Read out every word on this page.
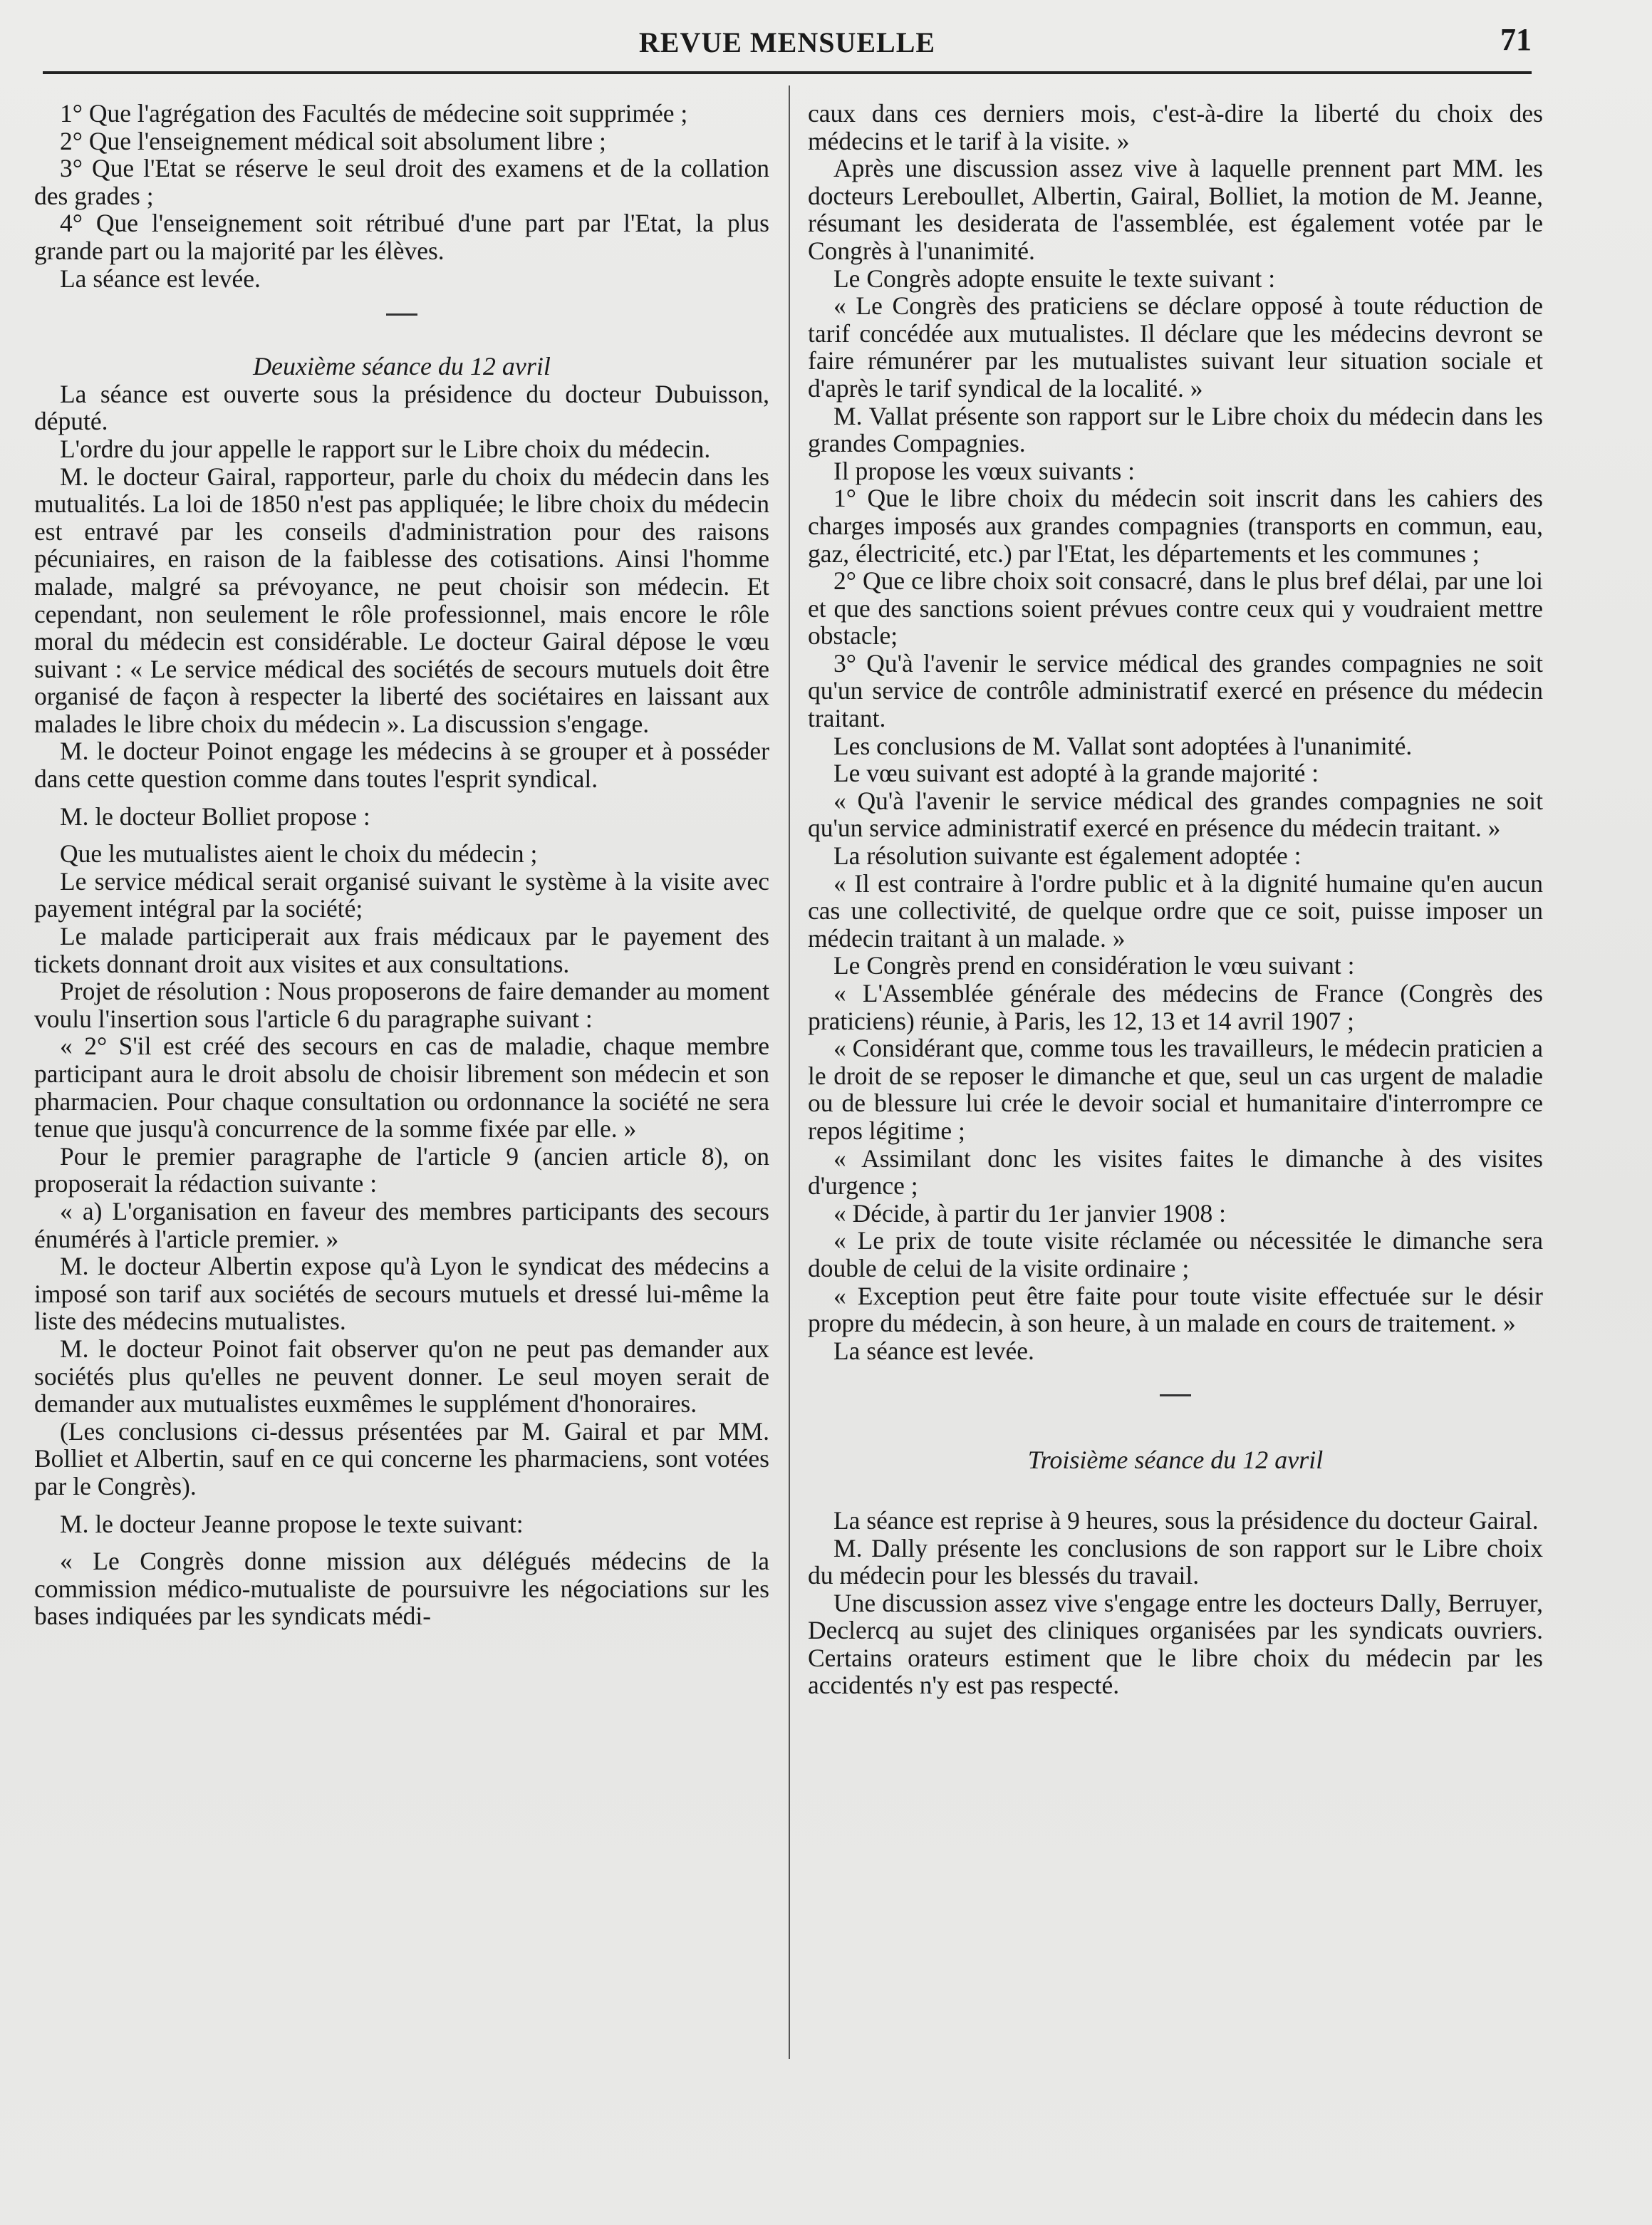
REVUE MENSUELLE	71

1° Que l'agrégation des Facultés de médecine soit supprimée ;

2° Que l'enseignement médical soit absolument libre ;

3° Que l'Etat se réserve le seul droit des examens et de la collation des grades ;

4° Que l'enseignement soit rétribué d'une part par l'Etat, la plus grande part ou la majorité par les élèves.

La séance est levée.

Deuxième séance du 12 avril

La séance est ouverte sous la présidence du docteur Dubuisson, député.

L'ordre du jour appelle le rapport sur le Libre choix du médecin.

M. le docteur Gairal, rapporteur, parle du choix du médecin dans les mutualités. La loi de 1850 n'est pas appliquée; le libre choix du médecin est entravé par les conseils d'administration pour des raisons pécuniaires, en raison de la faiblesse des cotisations. Ainsi l'homme malade, malgré sa prévoyance, ne peut choisir son médecin. Et cependant, non seulement le rôle professionnel, mais encore le rôle moral du médecin est considérable. Le docteur Gairal dépose le vœu suivant : « Le service médical des sociétés de secours mutuels doit être organisé de façon à respecter la liberté des sociétaires en laissant aux malades le libre choix du médecin ». La discussion s'engage.

M. le docteur Poinot engage les médecins à se grouper et à posséder dans cette question comme dans toutes l'esprit syndical.

M. le docteur Bolliet propose :

Que les mutualistes aient le choix du médecin ;

Le service médical serait organisé suivant le système à la visite avec payement intégral par la société;

Le malade participerait aux frais médicaux par le payement des tickets donnant droit aux visites et aux consultations.

Projet de résolution : Nous proposerons de faire demander au moment voulu l'insertion sous l'article 6 du paragraphe suivant :

« 2° S'il est créé des secours en cas de maladie, chaque membre participant aura le droit absolu de choisir librement son médecin et son pharmacien. Pour chaque consultation ou ordonnance la société ne sera tenue que jusqu'à concurrence de la somme fixée par elle. »

Pour le premier paragraphe de l'article 9 (ancien article 8), on proposerait la rédaction suivante :

« a) L'organisation en faveur des membres participants des secours énumérés à l'article premier. »

M. le docteur Albertin expose qu'à Lyon le syndicat des médecins a imposé son tarif aux sociétés de secours mutuels et dressé lui-même la liste des médecins mutualistes.

M. le docteur Poinot fait observer qu'on ne peut pas demander aux sociétés plus qu'elles ne peuvent donner. Le seul moyen serait de demander aux mutualistes euxmêmes le supplément d'honoraires.

(Les conclusions ci-dessus présentées par M. Gairal et par MM. Bolliet et Albertin, sauf en ce qui concerne les pharmaciens, sont votées par le Congrès).

M. le docteur Jeanne propose le texte suivant:

« Le Congrès donne mission aux délégués médecins de la commission médico-mutualiste de poursuivre les négociations sur les bases indiquées par les syndicats médi-

caux dans ces derniers mois, c'est-à-dire la liberté du choix des médecins et le tarif à la visite. »

Après une discussion assez vive à laquelle prennent part MM. les docteurs Lereboullet, Albertin, Gairal, Bolliet, la motion de M. Jeanne, résumant les desiderata de l'assemblée, est également votée par le Congrès à l'unanimité.

Le Congrès adopte ensuite le texte suivant :

« Le Congrès des praticiens se déclare opposé à toute réduction de tarif concédée aux mutualistes. Il déclare que les médecins devront se faire rémunérer par les mutualistes suivant leur situation sociale et d'après le tarif syndical de la localité. »

M. Vallat présente son rapport sur le Libre choix du médecin dans les grandes Compagnies.

Il propose les vœux suivants :

1° Que le libre choix du médecin soit inscrit dans les cahiers des charges imposés aux grandes compagnies (transports en commun, eau, gaz, électricité, etc.) par l'Etat, les départements et les communes ;

2° Que ce libre choix soit consacré, dans le plus bref délai, par une loi et que des sanctions soient prévues contre ceux qui y voudraient mettre obstacle;

3° Qu'à l'avenir le service médical des grandes compagnies ne soit qu'un service de contrôle administratif exercé en présence du médecin traitant.

Les conclusions de M. Vallat sont adoptées à l'unanimité.

Le vœu suivant est adopté à la grande majorité :

« Qu'à l'avenir le service médical des grandes compagnies ne soit qu'un service administratif exercé en présence du médecin traitant. »

La résolution suivante est également adoptée :

« Il est contraire à l'ordre public et à la dignité humaine qu'en aucun cas une collectivité, de quelque ordre que ce soit, puisse imposer un médecin traitant à un malade. »

Le Congrès prend en considération le vœu suivant :

« L'Assemblée générale des médecins de France (Congrès des praticiens) réunie, à Paris, les 12, 13 et 14 avril 1907 ;

« Considérant que, comme tous les travailleurs, le médecin praticien a le droit de se reposer le dimanche et que, seul un cas urgent de maladie ou de blessure lui crée le devoir social et humanitaire d'interrompre ce repos légitime ;

« Assimilant donc les visites faites le dimanche à des visites d'urgence ;

« Décide, à partir du 1er janvier 1908 :

« Le prix de toute visite réclamée ou nécessitée le dimanche sera double de celui de la visite ordinaire ;

« Exception peut être faite pour toute visite effectuée sur le désir propre du médecin, à son heure, à un malade en cours de traitement. »

La séance est levée.

Troisième séance du 12 avril

La séance est reprise à 9 heures, sous la présidence du docteur Gairal.

M. Dally présente les conclusions de son rapport sur le Libre choix du médecin pour les blessés du travail.

Une discussion assez vive s'engage entre les docteurs Dally, Berruyer, Declercq au sujet des cliniques organisées par les syndicats ouvriers. Certains orateurs estiment que le libre choix du médecin par les accidentés n'y est pas respecté.
